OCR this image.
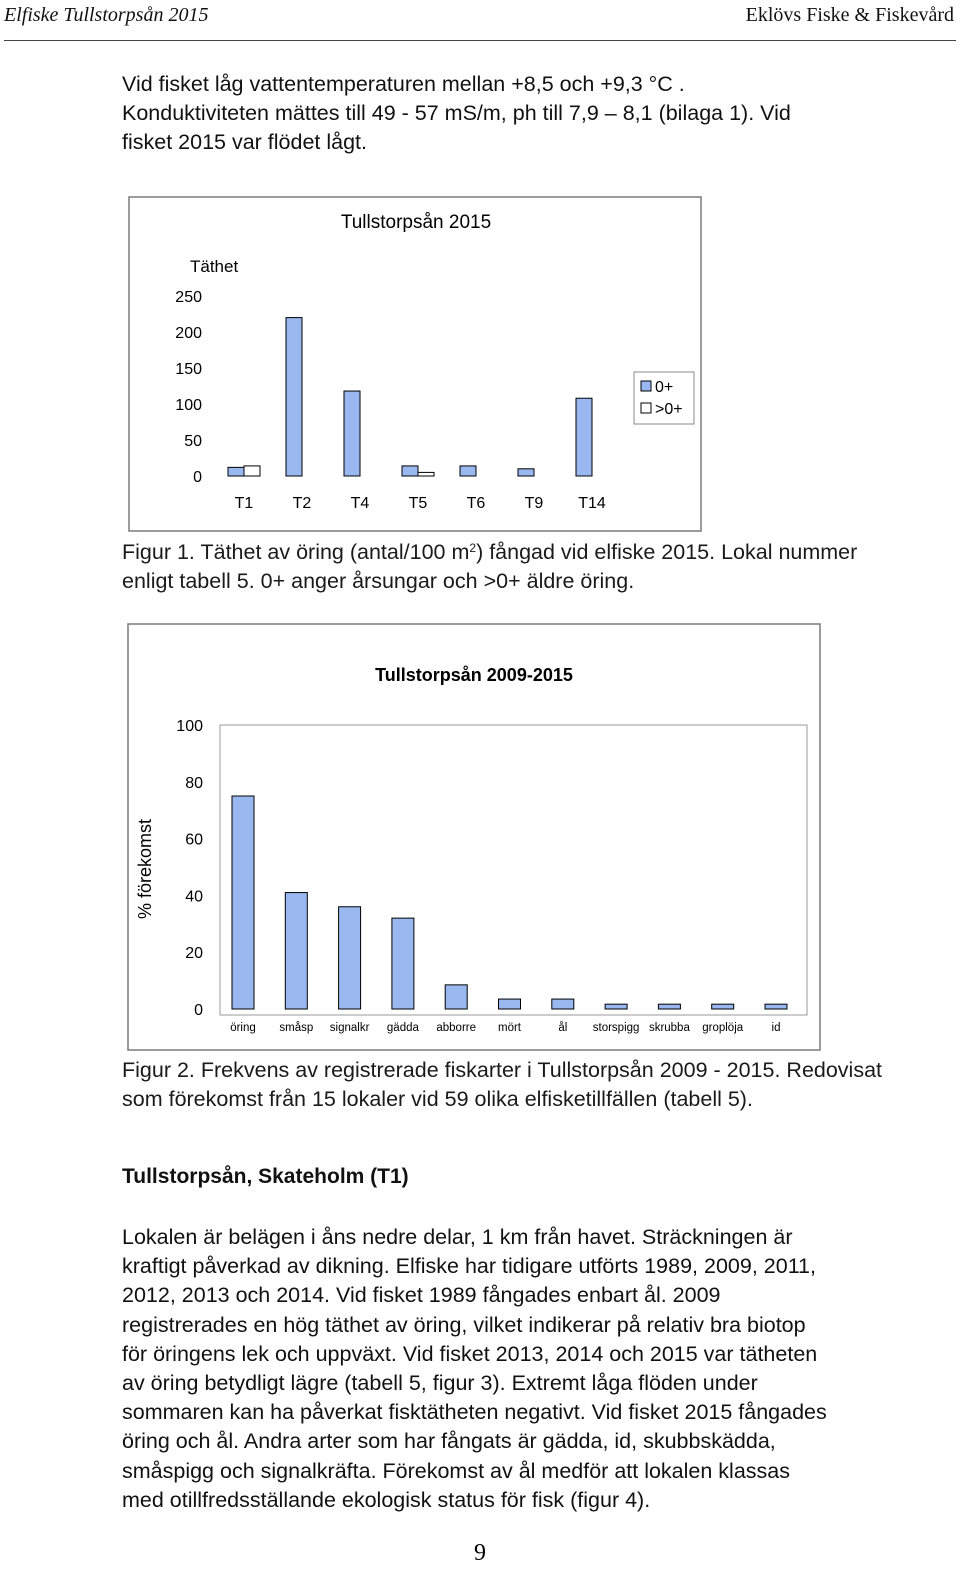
Elfiske Tullstorpsån 2015	Eklövs Fiske & Fiskevård
Vid fisket låg vattentemperaturen mellan +8,5 och +9,3 °C .
Konduktiviteten mättes till 49 - 57 mS/m, ph till 7,9 – 8,1 (bilaga 1). Vid
fisket 2015 var flödet lågt.
Tullstorpsån 2015
Täthet
0
50
100
150
200
250
T1 T2 T4 T5 T6 T9 T14
0+
>0+
Figur 1. Täthet av öring (antal/100 $m^2$) fångad vid elfiske 2015. Lokal nummer
enligt tabell 5. 0+ anger årsungar och >0+ äldre öring.
Tullstorpsån 2009-2015
% förekomst
0
20
40
60
80
100
öring småsp signalkr gädda abborre mört	ål storspigg skrubba groplöja id
Figur 2. Frekvens av registrerade fiskarter i Tullstorpsån 2009 - 2015. Redovisat
som förekomst från 15 lokaler vid 59 olika elfisketillfällen (tabell 5).
Tullstorpsån, Skateholm (T1)
Lokalen är belägen i åns nedre delar, 1 km från havet. Sträckningen är
kraftigt påverkad av dikning. Elfiske har tidigare utförts 1989, 2009, 2011,
2012, 2013 och 2014. Vid fisket 1989 fångades enbart ål. 2009
registrerades en hög täthet av öring, vilket indikerar på relativ bra biotop
för öringens lek och uppväxt. Vid fisket 2013, 2014 och 2015 var tätheten
av öring betydligt lägre (tabell 5, figur 3). Extremt låga flöden under
sommaren kan ha påverkat fisktätheten negativt. Vid fisket 2015 fångades
öring och ål. Andra arter som har fångats är gädda, id, skubbskädda,
småspigg och signalkräfta. Förekomst av ål medför att lokalen klassas
med otillfredsställande ekologisk status för fisk (figur 4).
9
